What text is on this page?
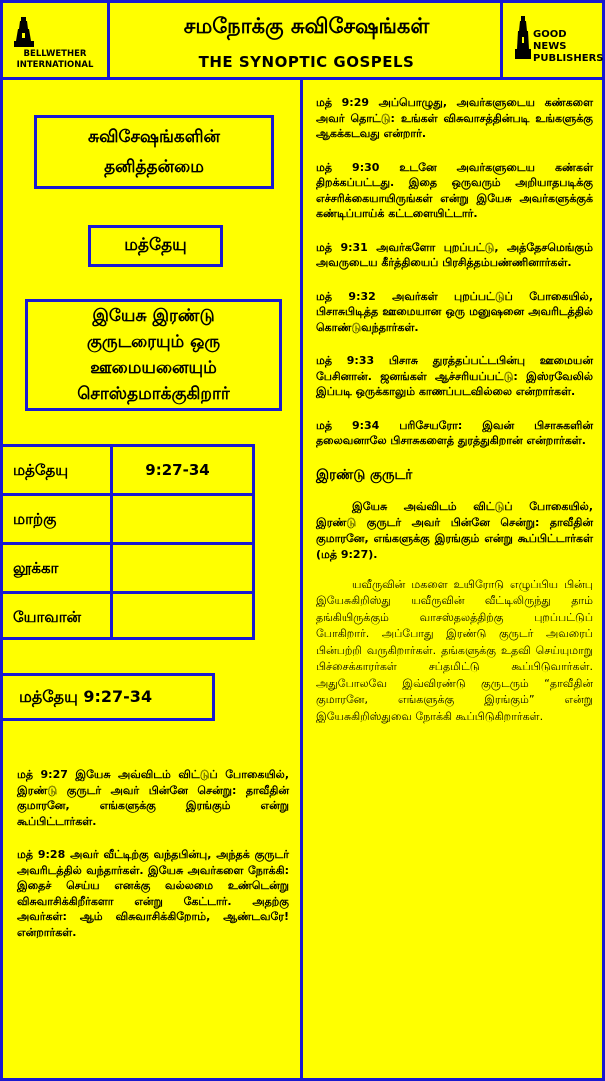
BELLWETHER
INTERNATIONAL
சமநோக்கு சுவிசேஷங்கள்
THE SYNOPTIC GOSPELS
GOOD NEWS
PUBLISHERS
சுவிசேஷங்களின்
தனித்தன்மை
மத்தேயு
இயேசு இரண்டு
குருடரையும் ஒரு
ஊமையனையும்
சொஸ்தமாக்குகிறார்
மத்தேயு	9:27-34
மாற்கு
லூக்கா
யோவான்
மத்தேயு 9:27-34

மத் 9:27 இயேசு அவ்விடம் விட்டுப் போகையில், இரண்டு குருடர் அவர் பின்னே சென்று: தாவீதின் குமாரனே, எங்களுக்கு இரங்கும் என்று கூப்பிட்டார்கள்.

மத் 9:28 அவர் வீட்டிற்கு வந்தபின்பு, அந்தக் குருடர் அவரிடத்தில் வந்தார்கள். இயேசு அவர்களை நோக்கி: இதைச் செய்ய எனக்கு வல்லமை உண்டென்று விசுவாசிக்கிறீர்களா என்று கேட்டார். அதற்கு அவர்கள்: ஆம் விசுவாசிக்கிறோம், ஆண்டவரே! என்றார்கள்.

மத் 9:29 அப்பொழுது, அவர்களுடைய கண்களை அவர் தொட்டு: உங்கள் விசுவாசத்தின்படி உங்களுக்கு ஆகக்கடவது என்றார்.

மத் 9:30 உடனே அவர்களுடைய கண்கள் திறக்கப்பட்டது. இதை ஒருவரும் அறியாதபடிக்கு எச்சரிக்கையாயிருங்கள் என்று இயேசு அவர்களுக்குக் கண்டிப்பாய்க் கட்டளையிட்டார்.

மத் 9:31 அவர்களோ புறப்பட்டு, அத்தேசமெங்கும் அவருடைய கீர்த்தியைப் பிரசித்தம்பண்ணினார்கள்.

மத் 9:32 அவர்கள் புறப்பட்டுப் போகையில், பிசாசுபிடித்த ஊமையான ஒரு மனுஷனை அவரிடத்தில் கொண்டுவந்தார்கள்.

மத் 9:33 பிசாசு துரத்தப்பட்டபின்பு ஊமையன் பேசினான். ஜனங்கள் ஆச்சரியப்பட்டு: இஸ்ரவேலில் இப்படி ஒருக்காலும் காணப்படவில்லை என்றார்கள்.

மத் 9:34 பரிசேயரோ: இவன் பிசாசுகளின் தலைவனாலே பிசாசுகளைத் துரத்துகிறான் என்றார்கள்.

இரண்டு குருடர்

இயேசு அவ்விடம் விட்டுப் போகையில், இரண்டு குருடர் அவர் பின்னே சென்று: தாவீதின் குமாரனே, எங்களுக்கு இரங்கும் என்று கூப்பிட்டார்கள் (மத் 9:27).

யவீருவின் மகளை உயிரோடு எழுப்பிய பின்பு இயேசுகிறிஸ்து யவீருவின் வீட்டிலிருந்து தாம் தங்கியிருக்கும் வாசஸ்தலத்திற்கு புறப்பட்டுப் போகிறார். அப்போது இரண்டு குருடர் அவரைப் பின்பற்றி வருகிறார்கள். தங்களுக்கு உதவி செய்யுமாறு பிச்சைக்காரர்கள் சப்தமிட்டு கூப்பிடுவார்கள். அதுபோலவே இவ்விரண்டு குருடரும் “தாவீதின் குமாரனே, எங்களுக்கு இரங்கும்” என்று இயேசுகிறிஸ்துவை நோக்கி கூப்பிடுகிறார்கள்.
